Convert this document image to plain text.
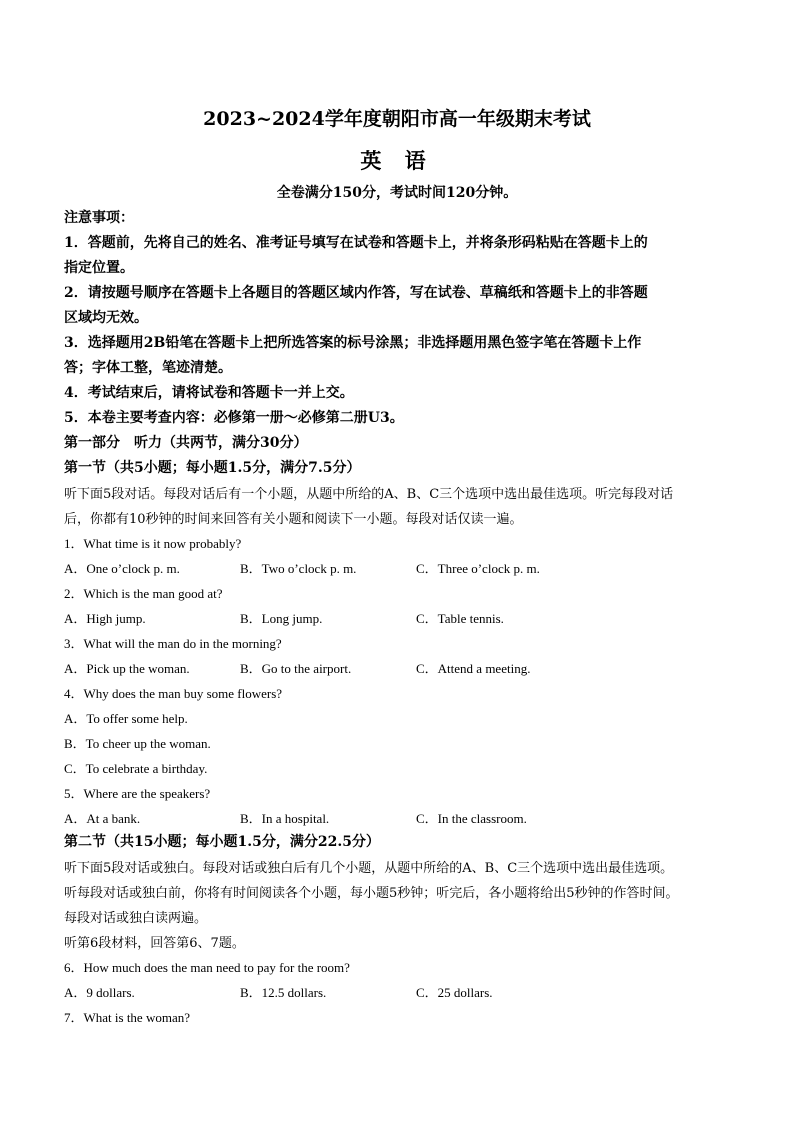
2023~2024学年度朝阳市高一年级期末考试
英 语
全卷满分150分，考试时间120分钟。
注意事项：
1．答题前，先将自己的姓名、准考证号填写在试卷和答题卡上，并将条形码粘贴在答题卡上的
指定位置。
2．请按题号顺序在答题卡上各题目的答题区域内作答，写在试卷、草稿纸和答题卡上的非答题
区域均无效。
3．选择题用2B铅笔在答题卡上把所选答案的标号涂黑；非选择题用黑色签字笔在答题卡上作
答；字体工整，笔迹清楚。
4．考试结束后，请将试卷和答题卡一并上交。
5．本卷主要考查内容：必修第一册～必修第二册U3。
第一部分　听力（共两节，满分30分）
第一节（共5小题；每小题1.5分，满分7.5分）
听下面5段对话。每段对话后有一个小题，从题中所给的A、B、C三个选项中选出最佳选项。听完每段对话
后，你都有10秒钟的时间来回答有关小题和阅读下一小题。每段对话仅读一遍。
1．What time is it now probably?
A．One o’clock p. m.	B．Two o’clock p. m.	C．Three o’clock p. m.
2．Which is the man good at?
A．High jump.	B．Long jump.	C．Table tennis.
3．What will the man do in the morning?
A．Pick up the woman.	B．Go to the airport.	C．Attend a meeting.
4．Why does the man buy some flowers?
A．To offer some help.
B．To cheer up the woman.
C．To celebrate a birthday.
5．Where are the speakers?
A．At a bank.	B．In a hospital.	C．In the classroom.
第二节（共15小题；每小题1.5分，满分22.5分）
听下面5段对话或独白。每段对话或独白后有几个小题，从题中所给的A、B、C三个选项中选出最佳选项。
听每段对话或独白前，你将有时间阅读各个小题，每小题5秒钟；听完后，各小题将给出5秒钟的作答时间。
每段对话或独白读两遍。
听第6段材料，回答第6、7题。
6．How much does the man need to pay for the room?
A．9 dollars.	B．12.5 dollars.	C．25 dollars.
7．What is the woman?
